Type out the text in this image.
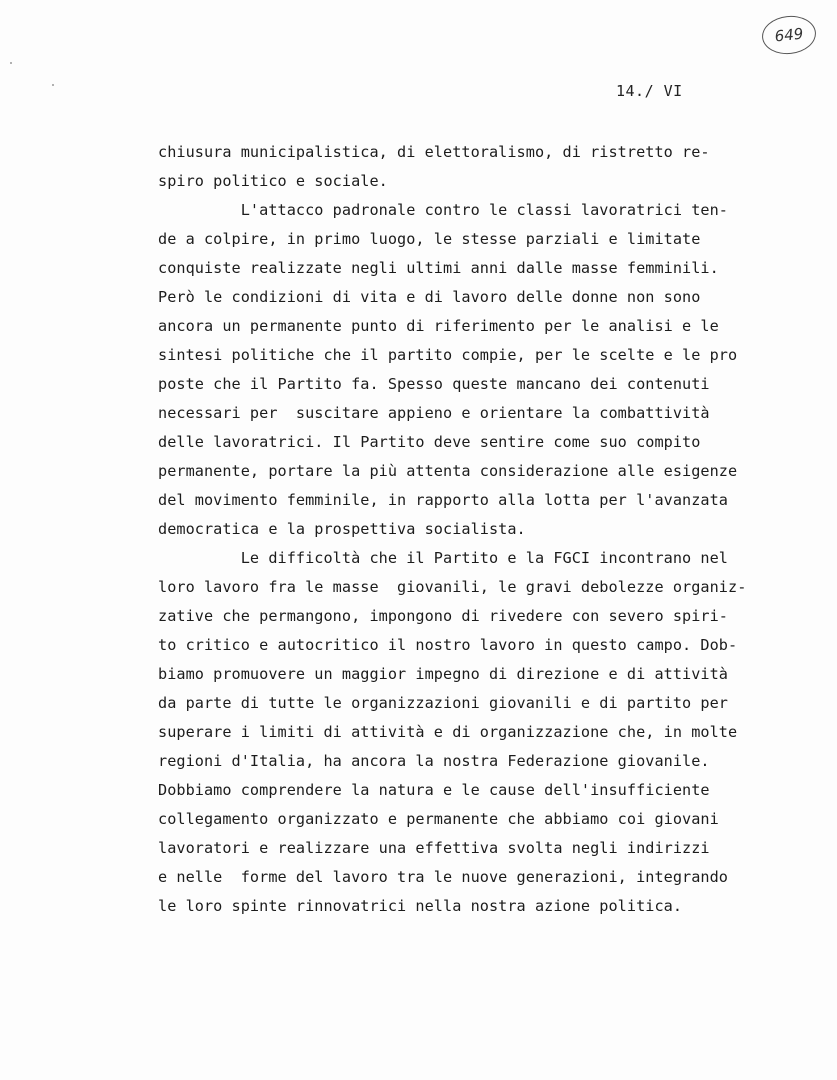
649
14./ VI
chiusura municipalistica, di elettoralismo, di ristretto re-
spiro politico e sociale.
L'attacco padronale contro le classi lavoratrici ten-
de a colpire, in primo luogo, le stesse parziali e limitate
conquiste realizzate negli ultimi anni dalle masse femminili.
Però le condizioni di vita e di lavoro delle donne non sono
ancora un permanente punto di riferimento per le analisi e le
sintesi politiche che il partito compie, per le scelte e le pro
poste che il Partito fa. Spesso queste mancano dei contenuti
necessari per  suscitare appieno e orientare la combattività
delle lavoratrici. Il Partito deve sentire come suo compito
permanente, portare la più attenta considerazione alle esigenze
del movimento femminile, in rapporto alla lotta per l'avanzata
democratica e la prospettiva socialista.
Le difficoltà che il Partito e la FGCI incontrano nel
loro lavoro fra le masse  giovanili, le gravi debolezze organiz-
zative che permangono, impongono di rivedere con severo spiri-
to critico e autocritico il nostro lavoro in questo campo. Dob-
biamo promuovere un maggior impegno di direzione e di attività
da parte di tutte le organizzazioni giovanili e di partito per
superare i limiti di attività e di organizzazione che, in molte
regioni d'Italia, ha ancora la nostra Federazione giovanile.
Dobbiamo comprendere la natura e le cause dell'insufficiente
collegamento organizzato e permanente che abbiamo coi giovani
lavoratori e realizzare una effettiva svolta negli indirizzi
e nelle  forme del lavoro tra le nuove generazioni, integrando
le loro spinte rinnovatrici nella nostra azione politica.
